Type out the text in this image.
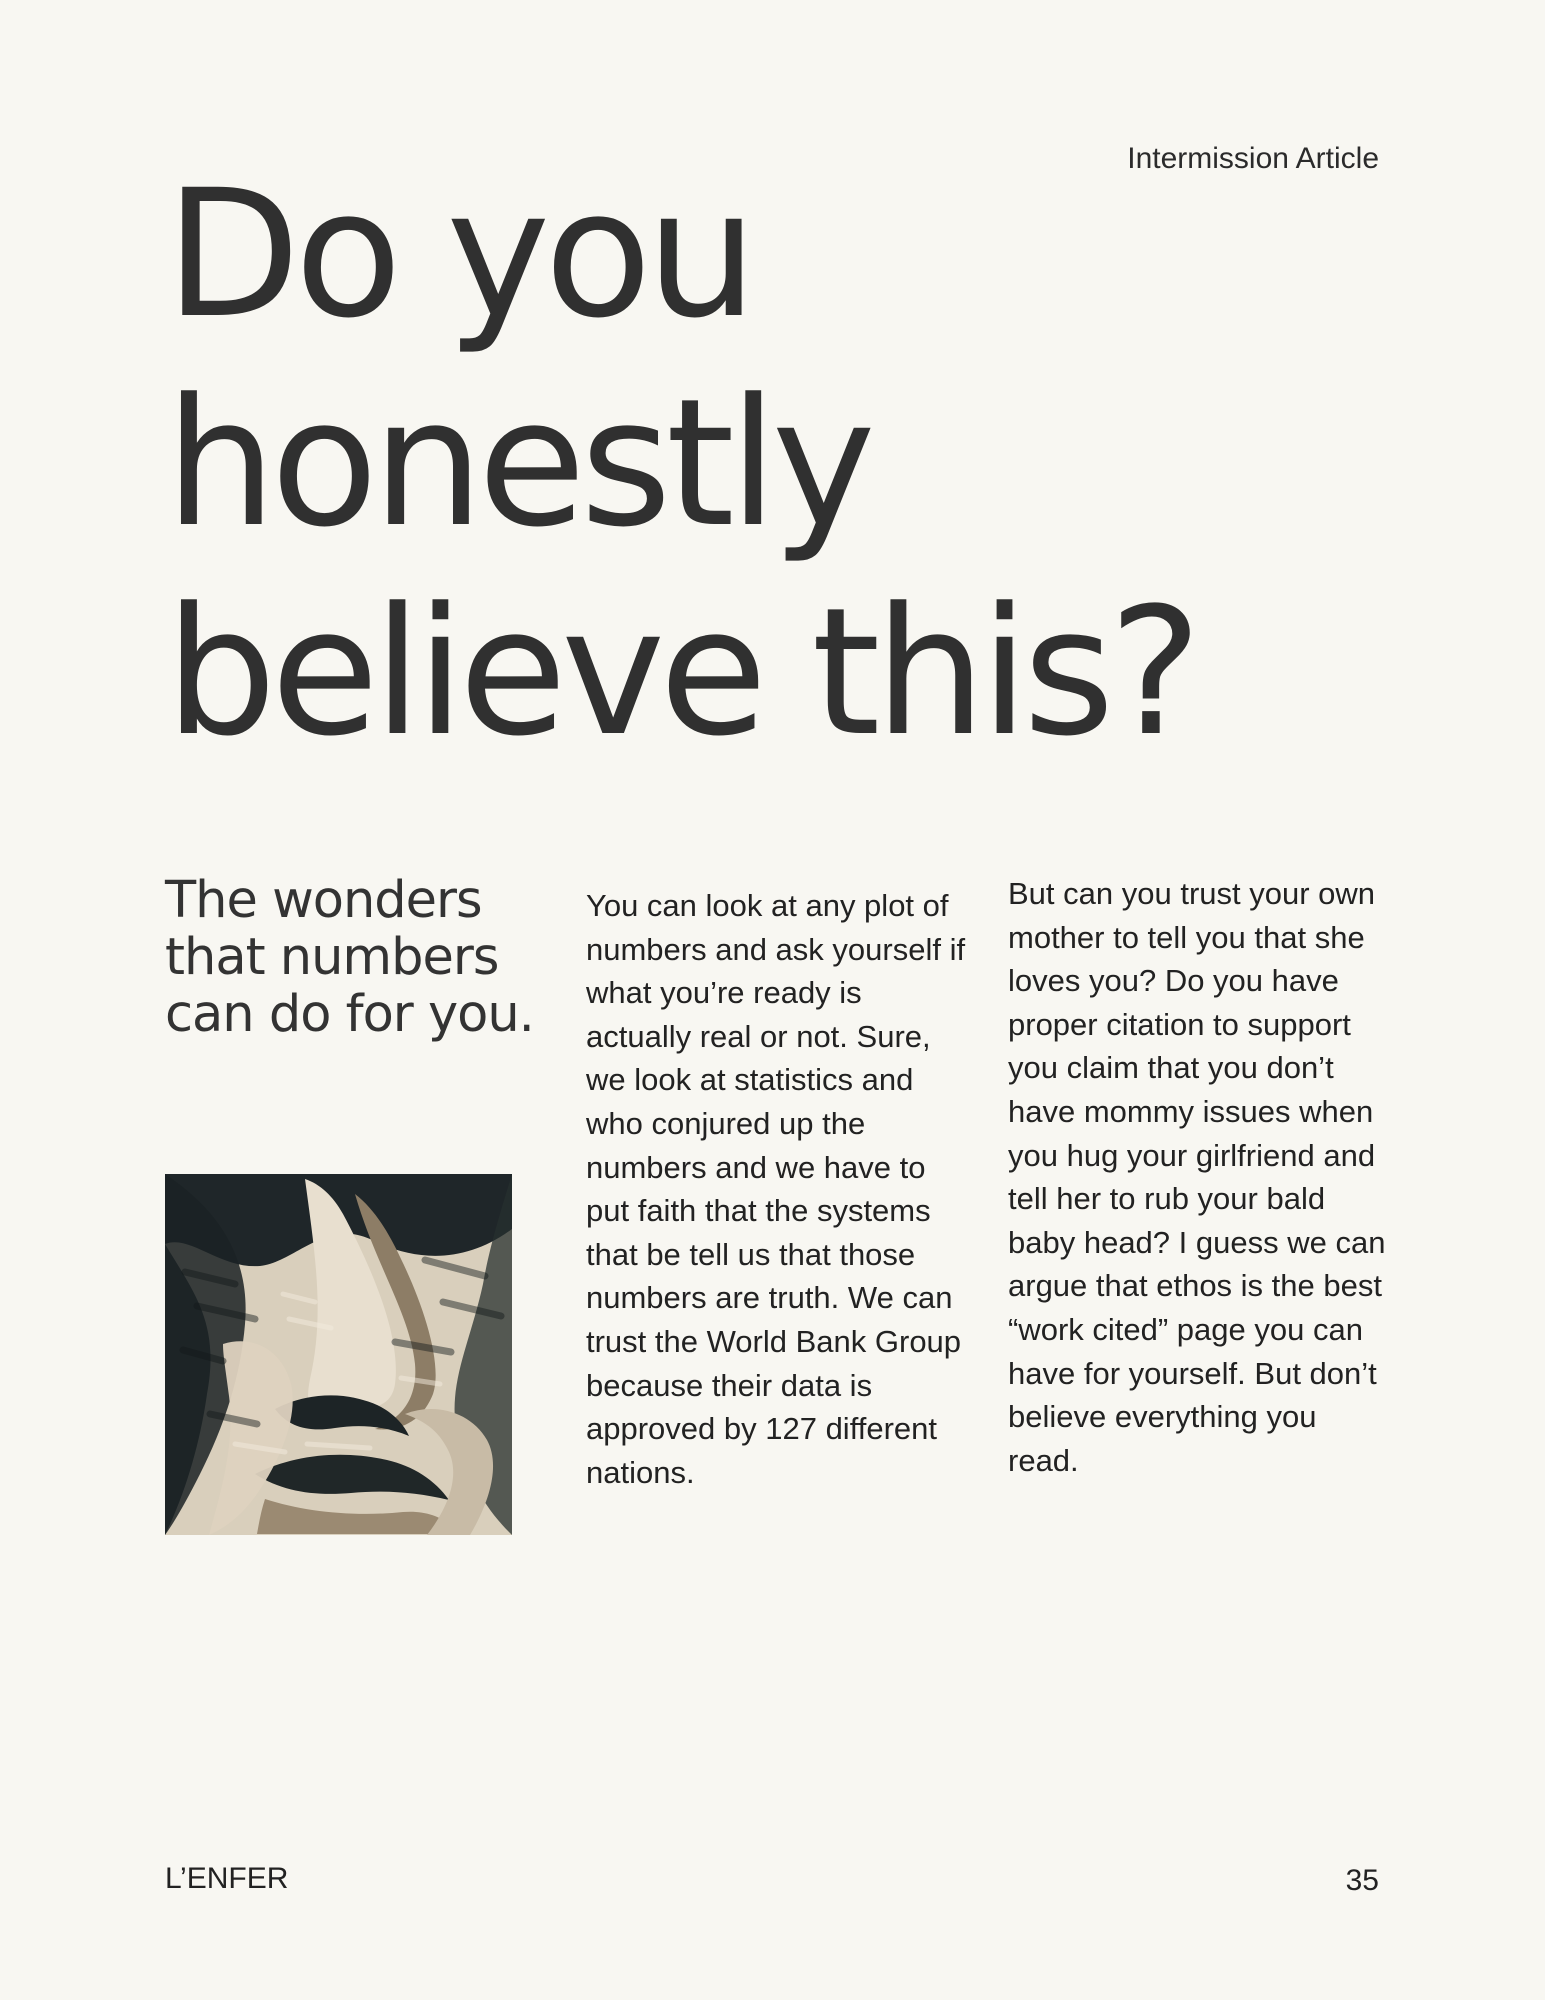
Intermission Article
Do you
honestly
believe this?
The wonders that numbers can do for you.

You can look at any plot of numbers and ask yourself if what you’re ready is actually real or not. Sure, we look at statistics and who conjured up the numbers and we have to put faith that the systems that be tell us that those numbers are truth. We can trust the World Bank Group because their data is approved by 127 different nations.

But can you trust your own mother to tell you that she loves you? Do you have proper citation to support you claim that you don’t have mommy issues when you hug your girlfriend and tell her to rub your bald baby head? I guess we can argue that ethos is the best “work cited” page you can have for yourself. But don’t believe everything you read.

L’ENFER	35
